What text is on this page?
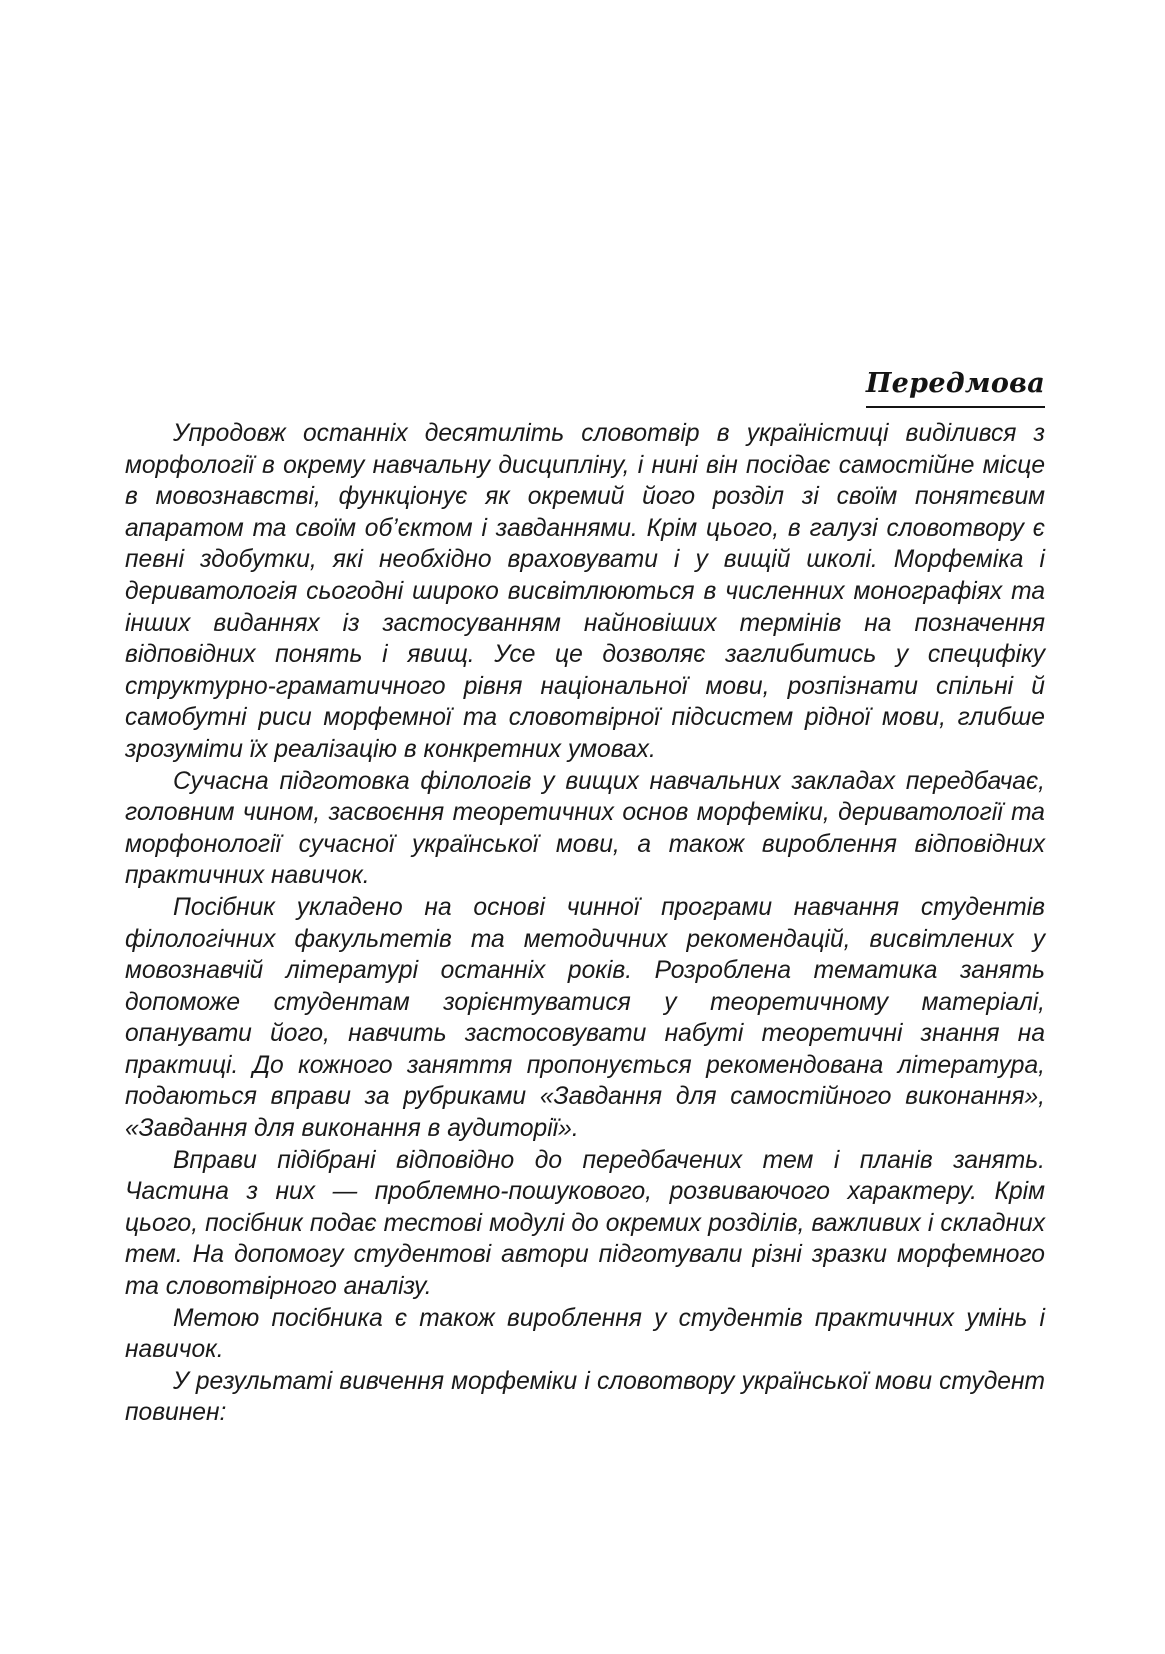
Передмова

Упродовж останніх десятиліть словотвір в україністиці виділився з морфології в окрему навчальну дисципліну, і нині він посідає самостійне місце в мовознавстві, функціонує як окремий його розділ зі своїм понятєвим апаратом та своїм об’єктом і завданнями. Крім цього, в галузі словотвору є певні здобутки, які необхідно враховувати і у вищій школі. Морфеміка і дериватологія сьогодні широко висвітлюються в численних монографіях та інших виданнях із застосуванням найновіших термінів на позначення відповідних понять і явищ. Усе це дозволяє заглибитись у специфіку структурно-граматичного рівня національної мови, розпізнати спільні й самобутні риси морфемної та словотвірної підсистем рідної мови, глибше зрозуміти їх реалізацію в конкретних умовах.

Сучасна підготовка філологів у вищих навчальних закладах передбачає, головним чином, засвоєння теоретичних основ морфеміки, дериватології та морфонології сучасної української мови, а також вироблення відповідних практичних навичок.

Посібник укладено на основі чинної програми навчання студентів філологічних факультетів та методичних рекомендацій, висвітлених у мовознавчій літературі останніх років. Розроблена тематика занять допоможе студентам зорієнтуватися у теоретичному матеріалі, опанувати його, навчить застосовувати набуті теоретичні знання на практиці. До кожного заняття пропонується рекомендована література, подаються вправи за рубриками «Завдання для самостійного виконання», «Завдання для виконання в аудиторії».

Вправи підібрані відповідно до передбачених тем і планів занять. Частина з них — проблемно-пошукового, розвиваючого характеру. Крім цього, посібник подає тестові модулі до окремих розділів, важливих і складних тем. На допомогу студентові автори підготували різні зразки морфемного та словотвірного аналізу.

Метою посібника є також вироблення у студентів практичних умінь і навичок.

У результаті вивчення морфеміки і словотвору української мови студент повинен:
